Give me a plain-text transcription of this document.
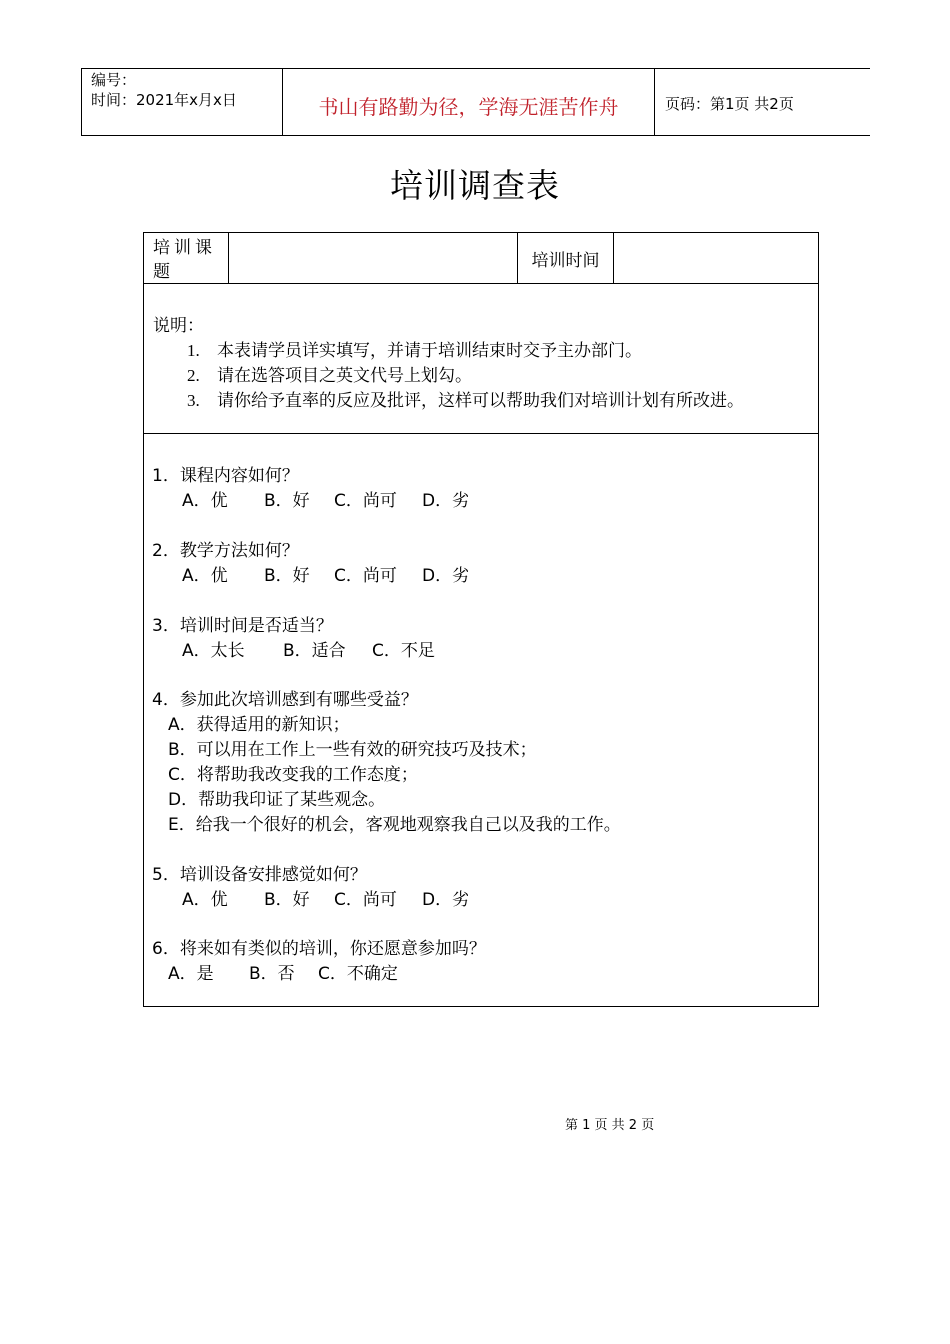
编号：
时间：2021年x月x日	书山有路勤为径，学海无涯苦作舟	页码：第1页 共2页
培训调查表
培训课题
培训时间
说明：
1. 本表请学员详实填写，并请于培训结束时交予主办部门。
2. 请在选答项目之英文代号上划勾。
3. 请你给予直率的反应及批评，这样可以帮助我们对培训计划有所改进。
1．课程内容如何？
A．优 B．好 C．尚可 D．劣
2．教学方法如何？
A．优 B．好 C．尚可 D．劣
3．培训时间是否适当？
A．太长 B．适合 C．不足
4．参加此次培训感到有哪些受益？
A．获得适用的新知识；
B．可以用在工作上一些有效的研究技巧及技术；
C．将帮助我改变我的工作态度；
D．帮助我印证了某些观念。
E．给我一个很好的机会，客观地观察我自己以及我的工作。
5．培训设备安排感觉如何？
A．优 B．好 C．尚可 D．劣
6．将来如有类似的培训，你还愿意参加吗？
A．是 B．否 C．不确定
第 1 页 共 2 页
